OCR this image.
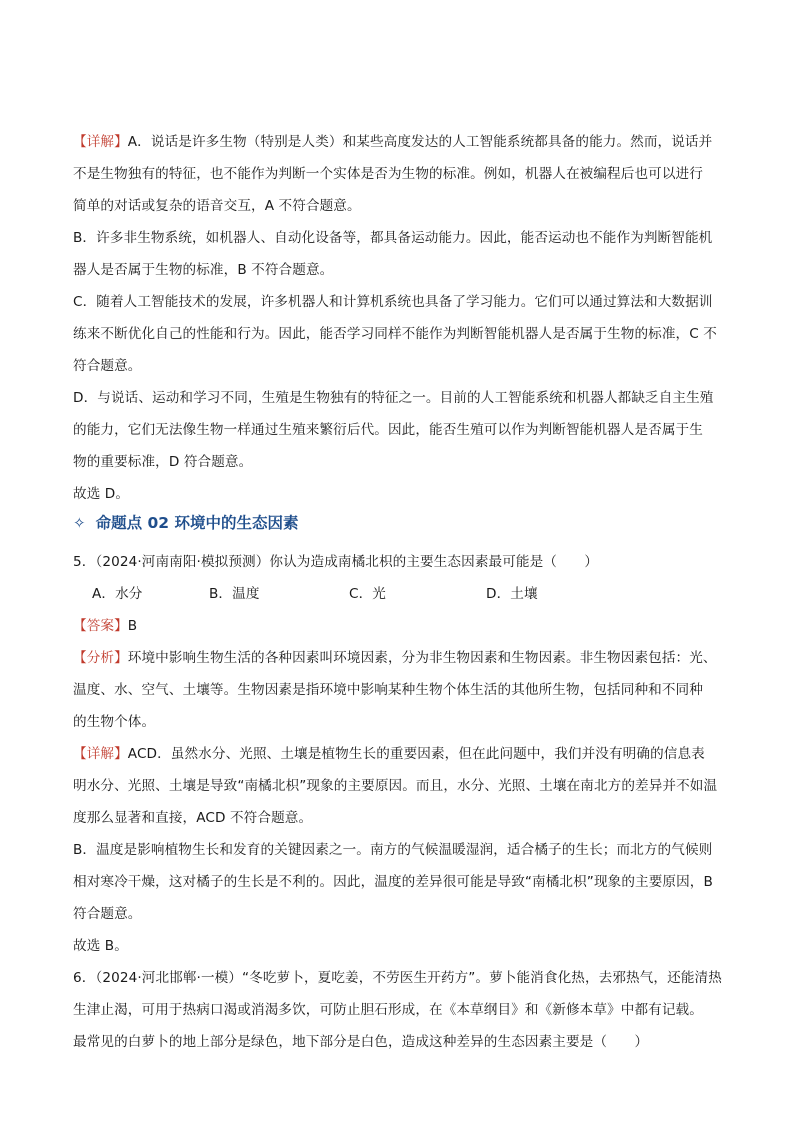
【详解】A．说话是许多生物（特别是人类）和某些高度发达的人工智能系统都具备的能力。然而，说话并

不是生物独有的特征，也不能作为判断一个实体是否为生物的标准。例如，机器人在被编程后也可以进行

简单的对话或复杂的语音交互，A 不符合题意。

B．许多非生物系统，如机器人、自动化设备等，都具备运动能力。因此，能否运动也不能作为判断智能机

器人是否属于生物的标准，B 不符合题意。

C．随着人工智能技术的发展，许多机器人和计算机系统也具备了学习能力。它们可以通过算法和大数据训

练来不断优化自己的性能和行为。因此，能否学习同样不能作为判断智能机器人是否属于生物的标准，C 不

符合题意。

D．与说话、运动和学习不同，生殖是生物独有的特征之一。目前的人工智能系统和机器人都缺乏自主生殖

的能力，它们无法像生物一样通过生殖来繁衍后代。因此，能否生殖可以作为判断智能机器人是否属于生

物的重要标准，D 符合题意。

故选 D。

✧ 命题点 02 环境中的生态因素

5．（2024·河南南阳·模拟预测）你认为造成南橘北枳的主要生态因素最可能是（　　）

A．水分	B．温度	C．光	D．土壤

【答案】B

【分析】环境中影响生物生活的各种因素叫环境因素，分为非生物因素和生物因素。非生物因素包括：光、

温度、水、空气、土壤等。生物因素是指环境中影响某种生物个体生活的其他所生物，包括同种和不同种

的生物个体。

【详解】ACD．虽然水分、光照、土壤是植物生长的重要因素，但在此问题中，我们并没有明确的信息表

明水分、光照、土壤是导致“南橘北枳”现象的主要原因。而且，水分、光照、土壤在南北方的差异并不如温

度那么显著和直接，ACD 不符合题意。

B．温度是影响植物生长和发育的关键因素之一。南方的气候温暖湿润，适合橘子的生长；而北方的气候则

相对寒冷干燥，这对橘子的生长是不利的。因此，温度的差异很可能是导致“南橘北枳”现象的主要原因，B

符合题意。

故选 B。

6．（2024·河北邯郸·一模）“冬吃萝卜，夏吃姜，不劳医生开药方”。萝卜能消食化热，去邪热气，还能清热

生津止渴，可用于热病口渴或消渴多饮，可防止胆石形成，在《本草纲目》和《新修本草》中都有记载。

最常见的白萝卜的地上部分是绿色，地下部分是白色，造成这种差异的生态因素主要是（　　）
